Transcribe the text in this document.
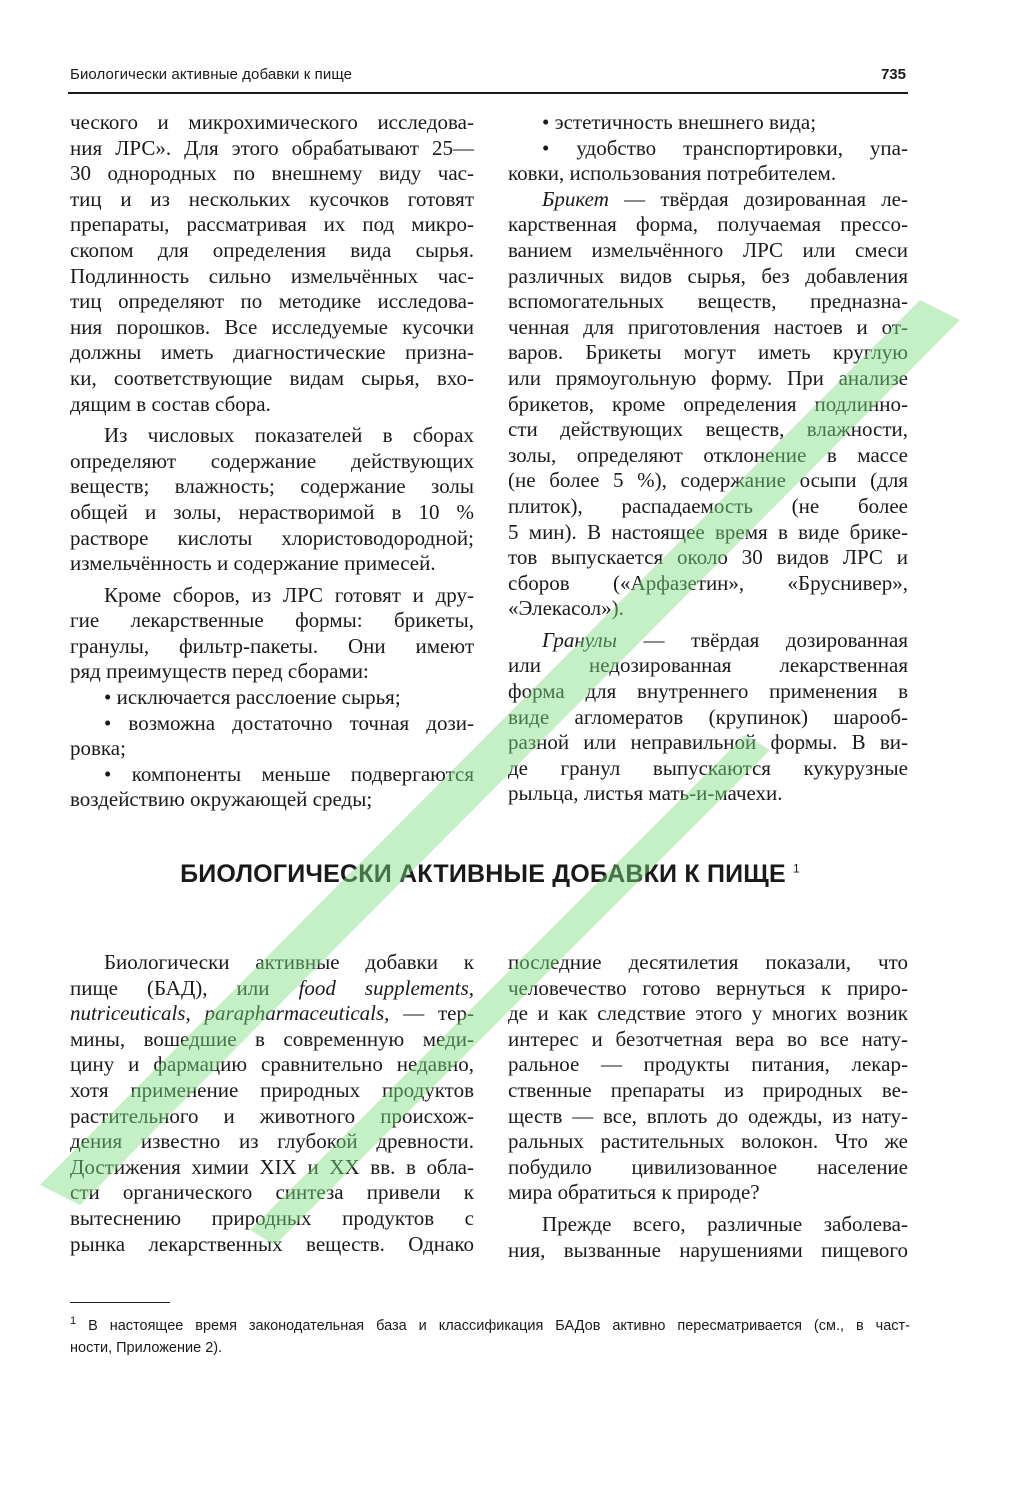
Биологически активные добавки к пище	735
ческого и микрохимического исследова-
ния ЛРС». Для этого обрабатывают 25—
30 однородных по внешнему виду час-
тиц и из нескольких кусочков готовят
препараты, рассматривая их под микро-
скопом для определения вида сырья.
Подлинность сильно измельчённых час-
тиц определяют по методике исследова-
ния порошков. Все исследуемые кусочки
должны иметь диагностические призна-
ки, соответствующие видам сырья, вхо-
дящим в состав сбора.
Из числовых показателей в сборах
определяют содержание действующих
веществ; влажность; содержание золы
общей и золы, нерастворимой в 10 %
растворе кислоты хлористоводородной;
измельчённость и содержание примесей.
Кроме сборов, из ЛРС готовят и дру-
гие лекарственные формы: брикеты,
гранулы, фильтр-пакеты. Они имеют
ряд преимуществ перед сборами:
• исключается расслоение сырья;
• возможна достаточно точная дози-
ровка;
• компоненты меньше подвергаются
воздействию окружающей среды;
• эстетичность внешнего вида;
• удобство транспортировки, упа-
ковки, использования потребителем.
Брикет — твёрдая дозированная ле-
карственная форма, получаемая прессо-
ванием измельчённого ЛРС или смеси
различных видов сырья, без добавления
вспомогательных веществ, предназна-
ченная для приготовления настоев и от-
варов. Брикеты могут иметь круглую
или прямоугольную форму. При анализе
брикетов, кроме определения подлинно-
сти действующих веществ, влажности,
золы, определяют отклонение в массе
(не более 5 %), содержание осыпи (для
плиток), распадаемость (не более
5 мин). В настоящее время в виде брике-
тов выпускается около 30 видов ЛРС и
сборов («Арфазетин», «Бруснивер»,
«Элекасол»).
Гранулы — твёрдая дозированная
или недозированная лекарственная
форма для внутреннего применения в
виде агломератов (крупинок) шарооб-
разной или неправильной формы. В ви-
де гранул выпускаются кукурузные
рыльца, листья мать-и-мачехи.
БИОЛОГИЧЕСКИ АКТИВНЫЕ ДОБАВКИ К ПИЩЕ $^1$
Биологически активные добавки к
пище (БАД), или food supplements,
nutriceuticals, parapharmaceuticals, — тер-
мины, вошедшие в современную меди-
цину и фармацию сравнительно недавно,
хотя применение природных продуктов
растительного и животного происхож-
дения известно из глубокой древности.
Достижения химии XIX и XX вв. в обла-
сти органического синтеза привели к
вытеснению природных продуктов с
рынка лекарственных веществ. Однако
последние десятилетия показали, что
человечество готово вернуться к приро-
де и как следствие этого у многих возник
интерес и безотчетная вера во все нату-
ральное — продукты питания, лекар-
ственные препараты из природных ве-
ществ — все, вплоть до одежды, из нату-
ральных растительных волокон. Что же
побудило цивилизованное население
мира обратиться к природе?
Прежде всего, различные заболева-
ния, вызванные нарушениями пищевого
$^1$ В настоящее время законодательная база и классификация БАДов активно пересматривается (см., в част-
ности, Приложение 2).
